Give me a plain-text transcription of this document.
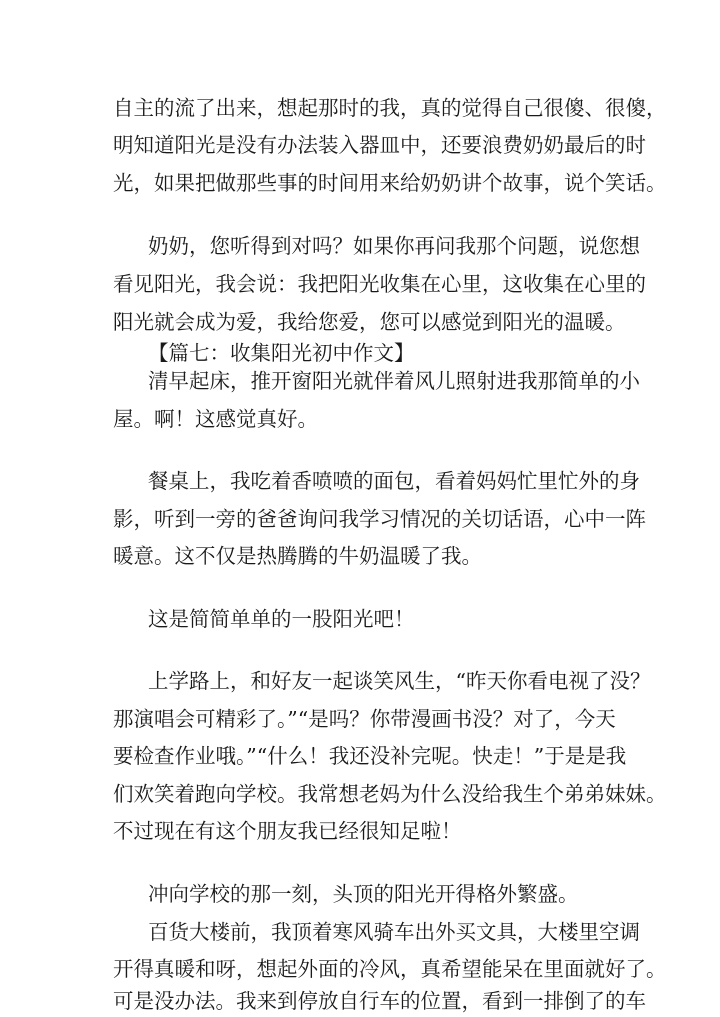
自主的流了出来，想起那时的我，真的觉得自己很傻、很傻，
明知道阳光是没有办法装入器皿中，还要浪费奶奶最后的时
光，如果把做那些事的时间用来给奶奶讲个故事，说个笑话。
奶奶，您听得到对吗？如果你再问我那个问题，说您想
看见阳光，我会说：我把阳光收集在心里，这收集在心里的
阳光就会成为爱，我给您爱，您可以感觉到阳光的温暖。
【篇七：收集阳光初中作文】
清早起床，推开窗阳光就伴着风儿照射进我那简单的小
屋。啊！这感觉真好。
餐桌上，我吃着香喷喷的面包，看着妈妈忙里忙外的身
影，听到一旁的爸爸询问我学习情况的关切话语，心中一阵
暖意。这不仅是热腾腾的牛奶温暖了我。
这是简简单单的一股阳光吧！
上学路上，和好友一起谈笑风生，“昨天你看电视了没？
那演唱会可精彩了。”“是吗？你带漫画书没？对了，今天
要检查作业哦。”“什么！我还没补完呢。快走！”于是是我
们欢笑着跑向学校。我常想老妈为什么没给我生个弟弟妹妹。
不过现在有这个朋友我已经很知足啦！
冲向学校的那一刻，头顶的阳光开得格外繁盛。
百货大楼前，我顶着寒风骑车出外买文具，大楼里空调
开得真暖和呀，想起外面的冷风，真希望能呆在里面就好了。
可是没办法。我来到停放自行车的位置，看到一排倒了的车
